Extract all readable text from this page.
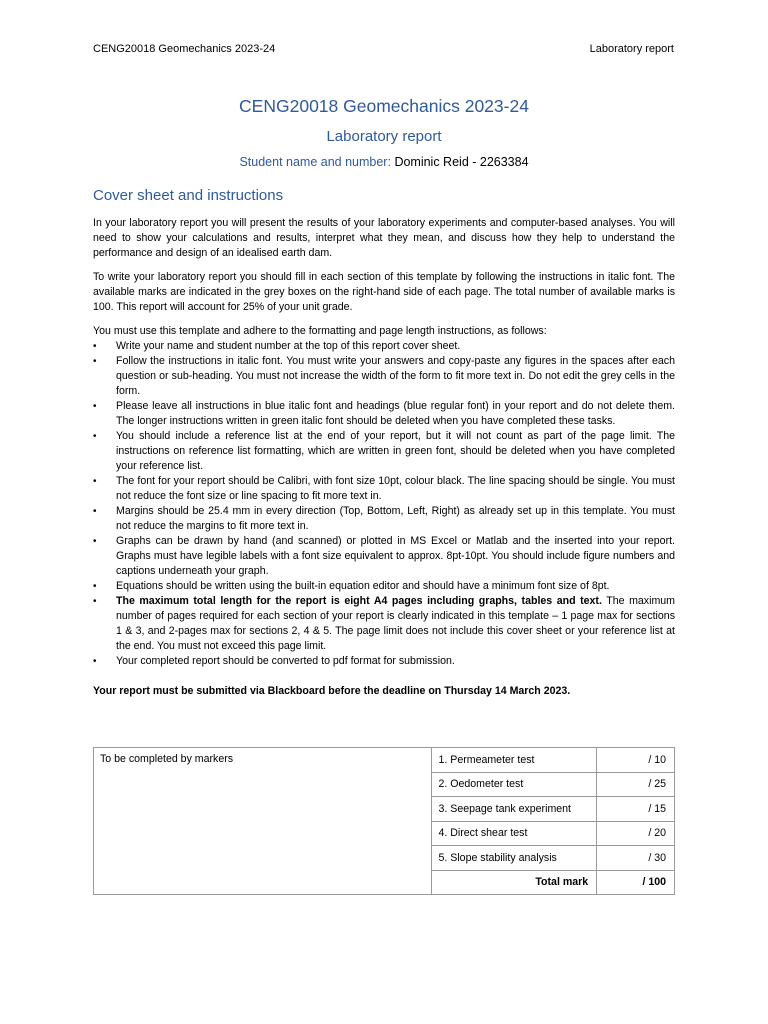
CENG20018 Geomechanics 2023-24	Laboratory report
CENG20018 Geomechanics 2023-24
Laboratory report
Student name and number: Dominic Reid - 2263384
Cover sheet and instructions

In your laboratory report you will present the results of your laboratory experiments and computer-based analyses. You will need to show your calculations and results, interpret what they mean, and discuss how they help to understand the performance and design of an idealised earth dam.

To write your laboratory report you should fill in each section of this template by following the instructions in italic font. The available marks are indicated in the grey boxes on the right-hand side of each page. The total number of available marks is 100. This report will account for 25% of your unit grade.

You must use this template and adhere to the formatting and page length instructions, as follows:

• Write your name and student number at the top of this report cover sheet.
• Follow the instructions in italic font. You must write your answers and copy-paste any figures in the spaces after each question or sub-heading. You must not increase the width of the form to fit more text in. Do not edit the grey cells in the form.
• Please leave all instructions in blue italic font and headings (blue regular font) in your report and do not delete them. The longer instructions written in green italic font should be deleted when you have completed these tasks.
• You should include a reference list at the end of your report, but it will not count as part of the page limit. The instructions on reference list formatting, which are written in green font, should be deleted when you have completed your reference list.
• The font for your report should be Calibri, with font size 10pt, colour black. The line spacing should be single. You must not reduce the font size or line spacing to fit more text in.
• Margins should be 25.4 mm in every direction (Top, Bottom, Left, Right) as already set up in this template. You must not reduce the margins to fit more text in.
• Graphs can be drawn by hand (and scanned) or plotted in MS Excel or Matlab and the inserted into your report. Graphs must have legible labels with a font size equivalent to approx. 8pt-10pt. You should include figure numbers and captions underneath your graph.
• Equations should be written using the built-in equation editor and should have a minimum font size of 8pt.
• The maximum total length for the report is eight A4 pages including graphs, tables and text. The maximum number of pages required for each section of your report is clearly indicated in this template – 1 page max for sections 1 & 3, and 2-pages max for sections 2, 4 & 5. The page limit does not include this cover sheet or your reference list at the end. You must not exceed this page limit.
• Your completed report should be converted to pdf format for submission.

Your report must be submitted via Blackboard before the deadline on Thursday 14 March 2023.

To be completed by markers	1. Permeameter test	/ 10
	2. Oedometer test	/ 25
	3. Seepage tank experiment	/ 15
	4. Direct shear test	/ 20
	5. Slope stability analysis	/ 30
	Total mark	/ 100
